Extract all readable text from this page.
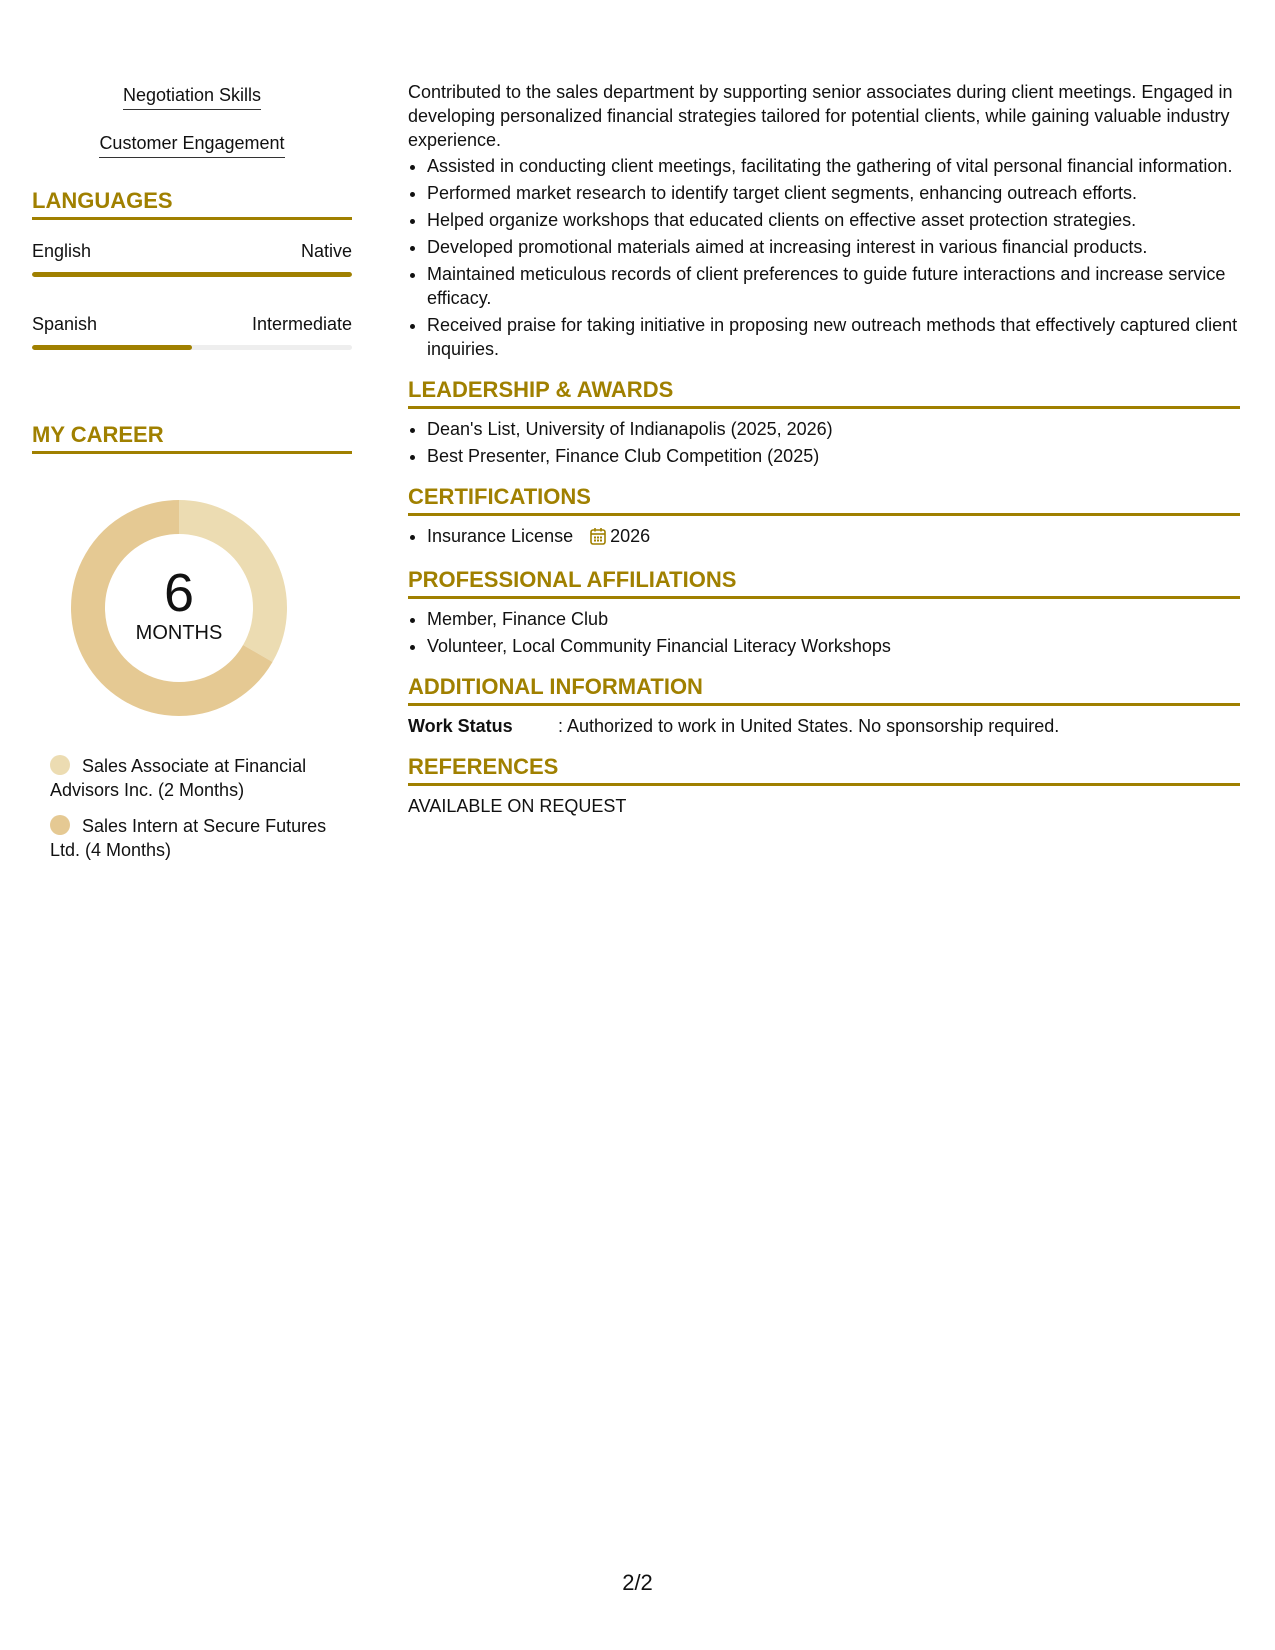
Negotiation Skills
Customer Engagement
LANGUAGES
English	Native
Spanish	Intermediate
MY CAREER
6
MONTHS
Sales Associate at Financial Advisors Inc. (2 Months)
Sales Intern at Secure Futures Ltd. (4 Months)

Contributed to the sales department by supporting senior associates during client meetings. Engaged in developing personalized financial strategies tailored for potential clients, while gaining valuable industry experience.

• Assisted in conducting client meetings, facilitating the gathering of vital personal financial information.
• Performed market research to identify target client segments, enhancing outreach efforts.
• Helped organize workshops that educated clients on effective asset protection strategies.
• Developed promotional materials aimed at increasing interest in various financial products.
• Maintained meticulous records of client preferences to guide future interactions and increase service efficacy.
• Received praise for taking initiative in proposing new outreach methods that effectively captured client inquiries.
LEADERSHIP & AWARDS
• Dean's List, University of Indianapolis (2025, 2026)
• Best Presenter, Finance Club Competition (2025)
CERTIFICATIONS
• Insurance License 2026
PROFESSIONAL AFFILIATIONS
• Member, Finance Club
• Volunteer, Local Community Financial Literacy Workshops
ADDITIONAL INFORMATION
Work Status	: Authorized to work in United States. No sponsorship required.
REFERENCES
AVAILABLE ON REQUEST
2/2
